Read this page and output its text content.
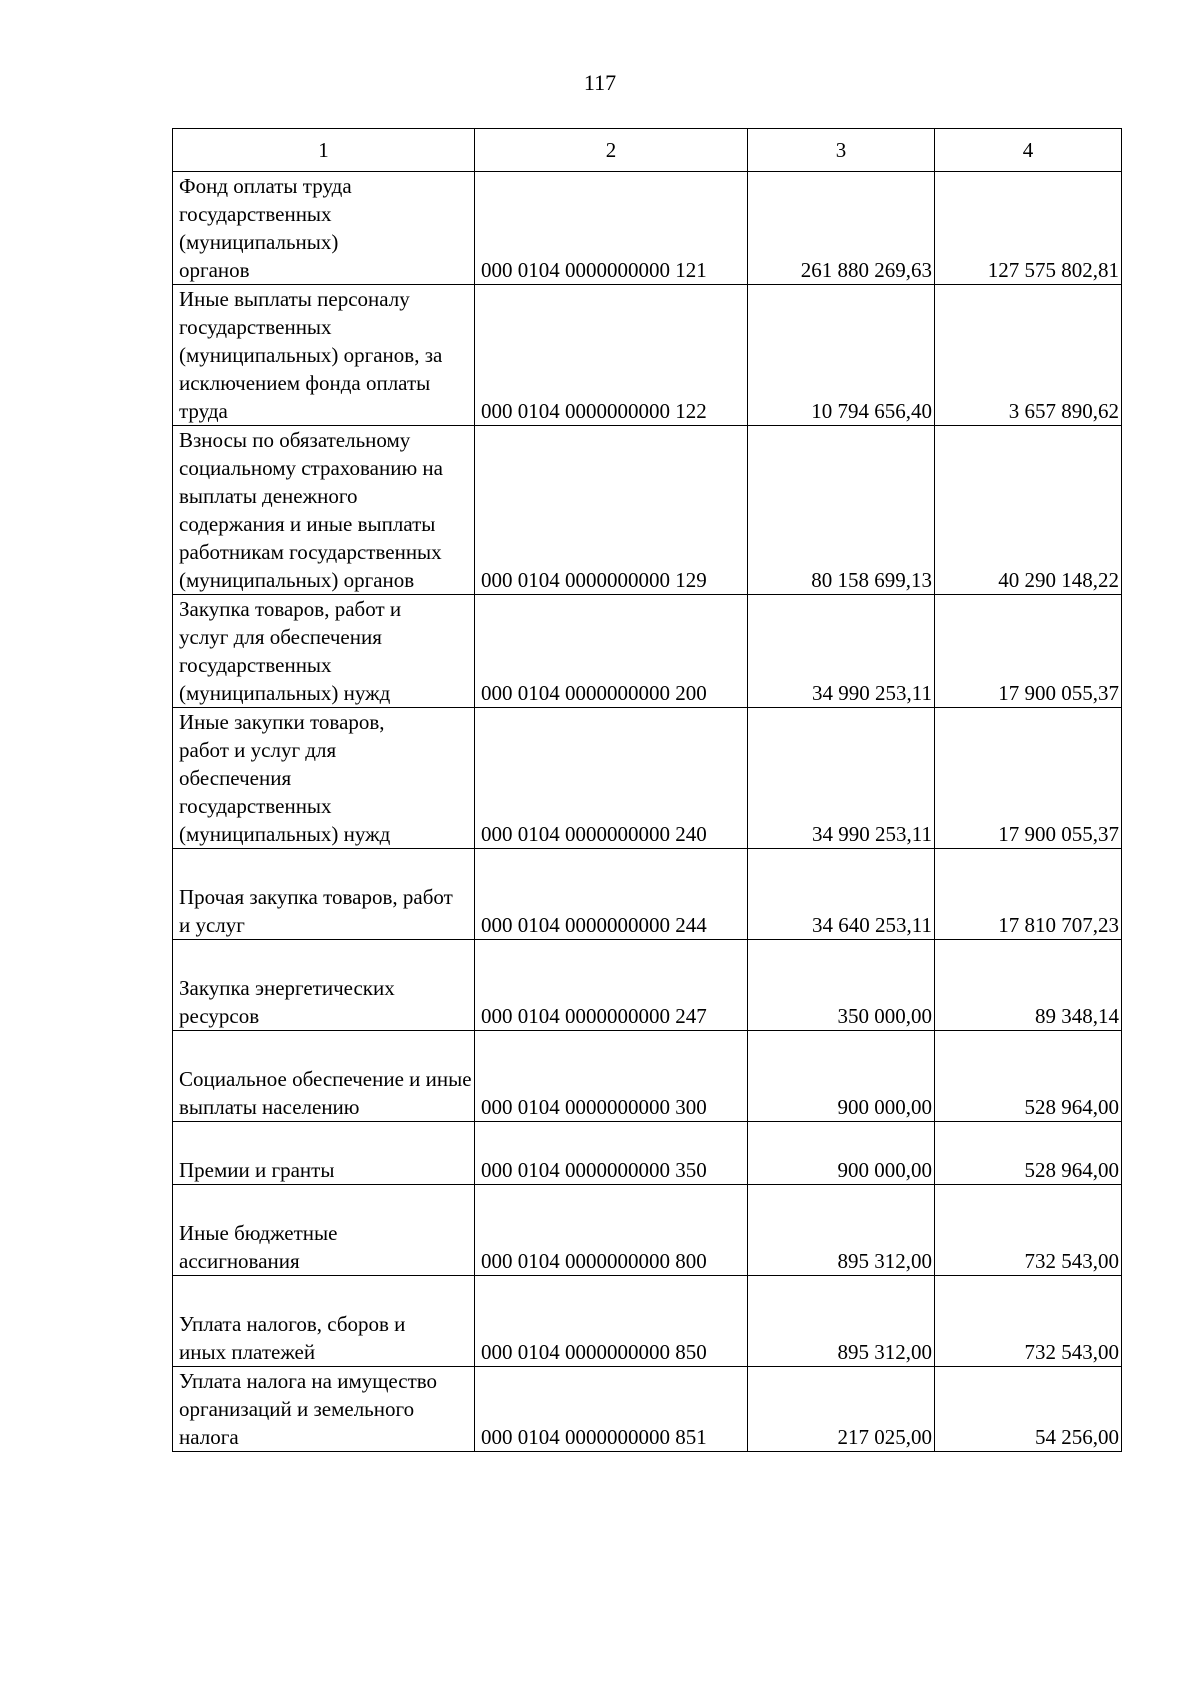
117
1	2	3	4
Фонд оплаты труда государственных (муниципальных) органов	000 0104 0000000000 121	261 880 269,63	127 575 802,81
Иные выплаты персоналу государственных (муниципальных) органов, за исключением фонда оплаты труда	000 0104 0000000000 122	10 794 656,40	3 657 890,62
Взносы по обязательному социальному страхованию на выплаты денежного содержания и иные выплаты работникам государственных (муниципальных) органов	000 0104 0000000000 129	80 158 699,13	40 290 148,22
Закупка товаров, работ и услуг для обеспечения государственных (муниципальных) нужд	000 0104 0000000000 200	34 990 253,11	17 900 055,37
Иные закупки товаров, работ и услуг для обеспечения государственных (муниципальных) нужд	000 0104 0000000000 240	34 990 253,11	17 900 055,37
Прочая закупка товаров, работ и услуг	000 0104 0000000000 244	34 640 253,11	17 810 707,23
Закупка энергетических ресурсов	000 0104 0000000000 247	350 000,00	89 348,14
Социальное обеспечение и иные выплаты населению	000 0104 0000000000 300	900 000,00	528 964,00
Премии и гранты	000 0104 0000000000 350	900 000,00	528 964,00
Иные бюджетные ассигнования	000 0104 0000000000 800	895 312,00	732 543,00
Уплата налогов, сборов и иных платежей	000 0104 0000000000 850	895 312,00	732 543,00
Уплата налога на имущество организаций и земельного налога	000 0104 0000000000 851	217 025,00	54 256,00
